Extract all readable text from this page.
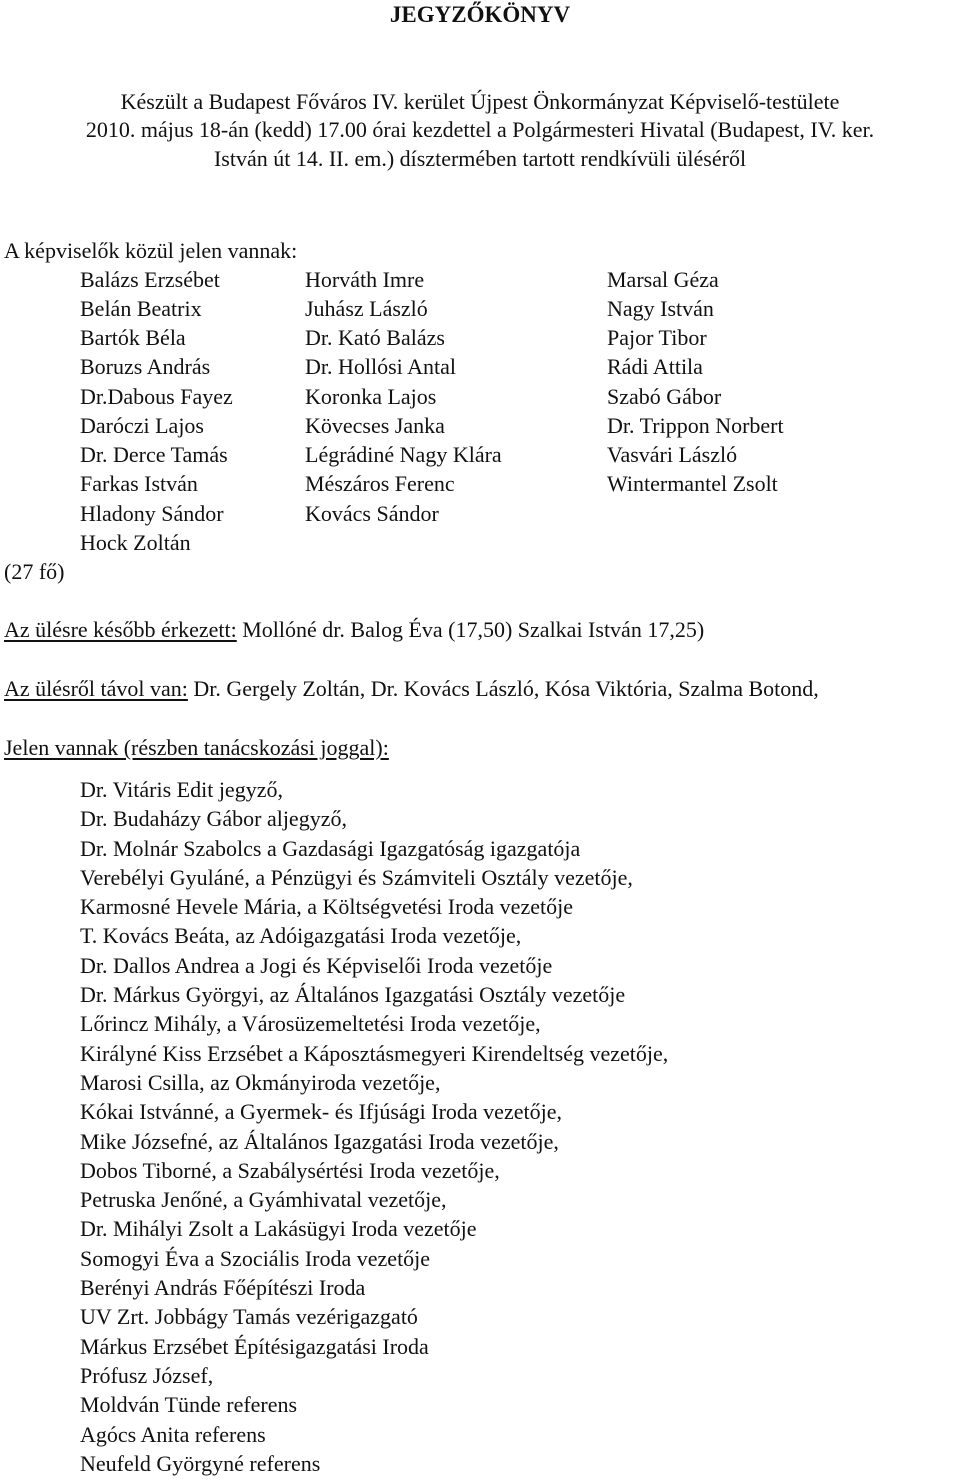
JEGYZŐKÖNYV
Készült a Budapest Főváros IV. kerület Újpest Önkormányzat Képviselő-testülete
2010. május 18-án (kedd) 17.00 órai kezdettel a Polgármesteri Hivatal (Budapest, IV. ker.
István út 14. II. em.) dísztermében tartott rendkívüli üléséről
A képviselők közül jelen vannak:
Balázs Erzsébet
Belán Beatrix
Bartók Béla
Boruzs András
Dr.Dabous Fayez
Daróczi Lajos
Dr. Derce Tamás
Farkas István
Hladony Sándor
Hock Zoltán
Horváth Imre
Juhász László
Dr. Kató Balázs
Dr. Hollósi Antal
Koronka Lajos
Kövecses Janka
Légrádiné Nagy Klára
Mészáros Ferenc
Kovács Sándor
Marsal Géza
Nagy István
Pajor Tibor
Rádi Attila
Szabó Gábor
Dr. Trippon Norbert
Vasvári László
Wintermantel Zsolt
(27 fő)
Az ülésre később érkezett: Mollóné dr. Balog Éva (17,50) Szalkai István 17,25)
Az ülésről távol van: Dr. Gergely Zoltán, Dr. Kovács László, Kósa Viktória, Szalma Botond,
Jelen vannak (részben tanácskozási joggal):
Dr. Vitáris Edit jegyző,
Dr. Budaházy Gábor aljegyző,
Dr. Molnár Szabolcs a Gazdasági Igazgatóság igazgatója
Verebélyi Gyuláné, a Pénzügyi és Számviteli Osztály vezetője,
Karmosné Hevele Mária, a Költségvetési Iroda vezetője
T. Kovács Beáta, az Adóigazgatási Iroda vezetője,
Dr. Dallos Andrea a Jogi és Képviselői Iroda vezetője
Dr. Márkus Györgyi, az Általános Igazgatási Osztály vezetője
Lőrincz Mihály, a Városüzemeltetési Iroda vezetője,
Királyné Kiss Erzsébet a Káposztásmegyeri Kirendeltség vezetője,
Marosi Csilla, az Okmányiroda vezetője,
Kókai Istvánné, a Gyermek- és Ifjúsági Iroda vezetője,
Mike Józsefné, az Általános Igazgatási Iroda vezetője,
Dobos Tiborné, a Szabálysértési Iroda vezetője,
Petruska Jenőné, a Gyámhivatal vezetője,
Dr. Mihályi Zsolt a Lakásügyi Iroda vezetője
Somogyi Éva a Szociális Iroda vezetője
Berényi András Főépítészi Iroda
UV Zrt. Jobbágy Tamás vezérigazgató
Márkus Erzsébet Építésigazgatási Iroda
Prófusz József,
Moldván Tünde referens
Agócs Anita referens
Neufeld Györgyné referens
